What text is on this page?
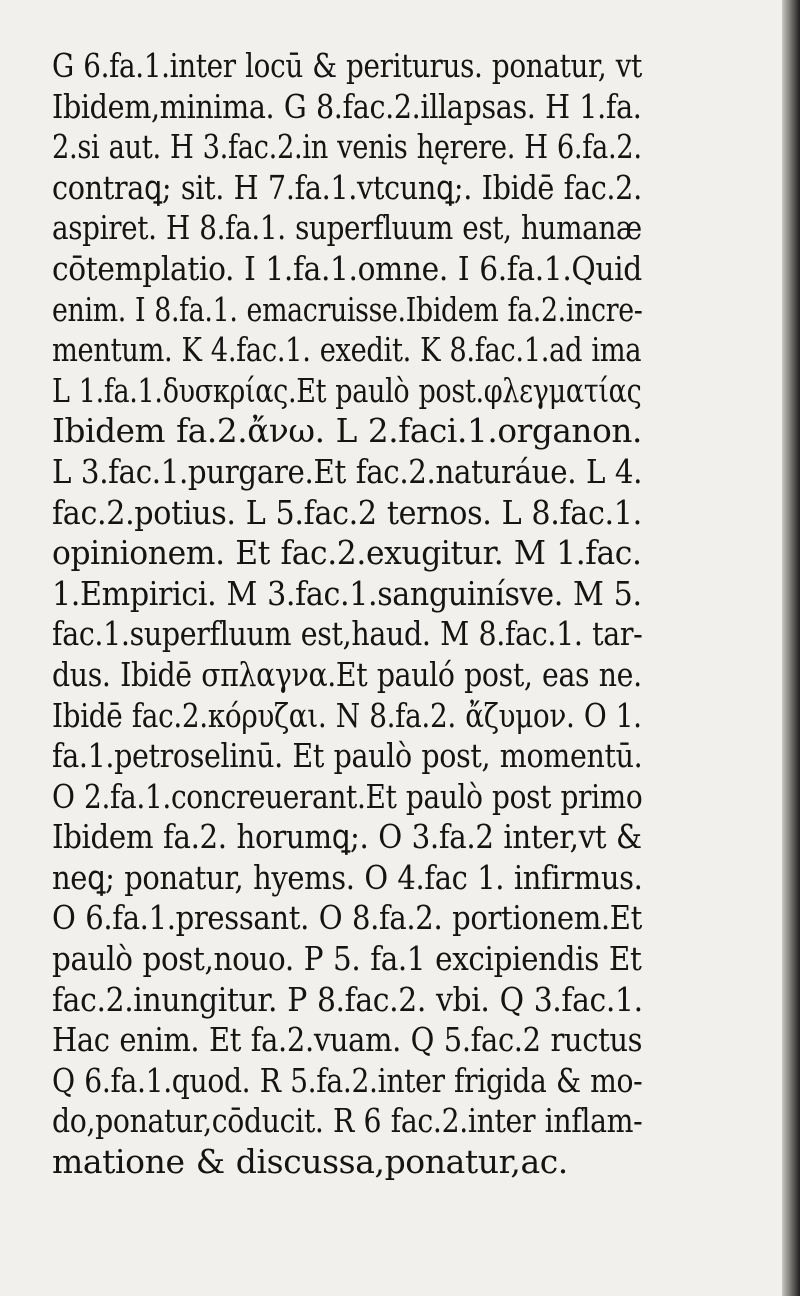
G 6.fa.1.inter locū & periturus. ponatur, vt
Ibidem,minima. G 8.fac.2.illapsas. H 1.fa.
2.si aut. H 3.fac.2.in venis hęrere. H 6.fa.2.
contraꝗ; sit. H 7.fa.1.vtcunꝗ;. Ibidē fac.2.
aspiret. H 8.fa.1. superfluum est, humanæ
cōtemplatio. I 1.fa.1.omne. I 6.fa.1.Quid
enim. I 8.fa.1. emacruisse.Ibidem fa.2.incre-
mentum. K 4.fac.1. exedit. K 8.fac.1.ad ima
L 1.fa.1.δυσκρίας.Et paulò post.φλεγματίας
Ibidem fa.2.ἄνω. L 2.faci.1.organon.
L 3.fac.1.purgare.Et fac.2.naturáue. L 4.
fac.2.potius. L 5.fac.2 ternos. L 8.fac.1.
opinionem. Et fac.2.exugitur. M 1.fac.
1.Empirici. M 3.fac.1.sanguinísve. M 5.
fac.1.superfluum est,haud. M 8.fac.1. tar-
dus. Ibidē σπλαγνα.Et pauló post, eas ne.
Ibidē fac.2.κόρυζαι. N 8.fa.2. ἄζυμον. O 1.
fa.1.petroselinū. Et paulò post, momentū.
O 2.fa.1.concreuerant.Et paulò post primo
Ibidem fa.2. horumꝗ;. O 3.fa.2 inter,vt &
neꝗ; ponatur, hyems. O 4.fac 1. infirmus.
O 6.fa.1.pressant. O 8.fa.2. portionem.Et
paulò post,nouo. P 5. fa.1 excipiendis Et
fac.2.inungitur. P 8.fac.2. vbi. Q 3.fac.1.
Hac enim. Et fa.2.vuam. Q 5.fac.2 ructus
Q 6.fa.1.quod. R 5.fa.2.inter frigida & mo-
do,ponatur,cōducit. R 6 fac.2.inter inflam-
matione & discussa,ponatur,ac.
